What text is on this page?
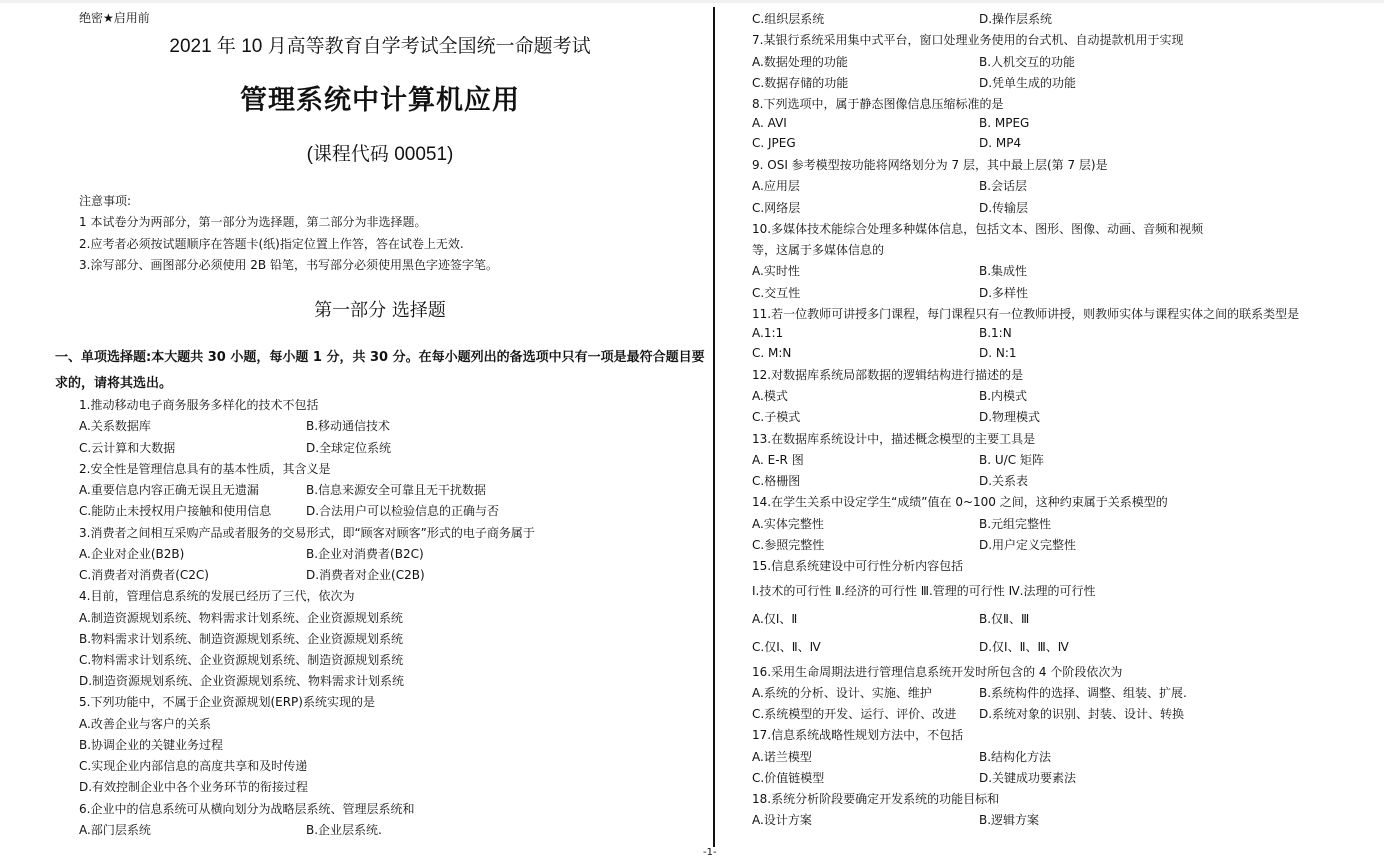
绝密★启用前
2021 年 10 月高等教育自学考试全国统一命题考试
管理系统中计算机应用
(课程代码 00051)
注意事项:
1 本试卷分为两部分，第一部分为选择题，第二部分为非选择题。
2.应考者必须按试题顺序在答题卡(纸)指定位置上作答，答在试卷上无效.
3.涂写部分、画图部分必须使用 2B 铅笔，书写部分必须使用黑色字迹签字笔。
第一部分 选择题
一、单项选择题:本大题共 30 小题，每小题 1 分，共 30 分。在每小题列出的备选项中只有一项是最符合题目要求的，请将其选出。
1.推动移动电子商务服务多样化的技术不包括
A.关系数据库	B.移动通信技术
C.云计算和大数据	D.全球定位系统
2.安全性是管理信息具有的基本性质，其含义是
A.重要信息内容正确无误且无遗漏	B.信息来源安全可靠且无干扰数据
C.能防止未授权用户接触和使用信息	D.合法用户可以检验信息的正确与否
3.消费者之间相互采购产品或者服务的交易形式，即“顾客对顾客”形式的电子商务属于
A.企业对企业(B2B)	B.企业对消费者(B2C)
C.消费者对消费者(C2C)	D.消费者对企业(C2B)
4.目前，管理信息系统的发展已经历了三代，依次为
A.制造资源规划系统、物料需求计划系统、企业资源规划系统
B.物料需求计划系统、制造资源规划系统、企业资源规划系统
C.物料需求计划系统、企业资源规划系统、制造资源规划系统
D.制造资源规划系统、企业资源规划系统、物料需求计划系统
5.下列功能中，不属于企业资源规划(ERP)系统实现的是
A.改善企业与客户的关系
B.协调企业的关键业务过程
C.实现企业内部信息的高度共享和及时传递
D.有效控制企业中各个业务环节的衔接过程
6.企业中的信息系统可从横向划分为战略层系统、管理层系统和
A.部门层系统	B.企业层系统.
C.组织层系统	D.操作层系统
7.某银行系统采用集中式平台，窗口处理业务使用的台式机、自动提款机用于实现
A.数据处理的功能	B.人机交互的功能
C.数据存储的功能	D.凭单生成的功能
8.下列选项中，属于静态图像信息压缩标准的是
A. AVI	B. MPEG
C. JPEG	D. MP4
9. OSI 参考模型按功能将网络划分为 7 层，其中最上层(第 7 层)是
A.应用层	B.会话层
C.网络层	D.传输层
10.多媒体技术能综合处理多种媒体信息，包括文本、图形、图像、动画、音频和视频
等，这属于多媒体信息的
A.实时性	B.集成性
C.交互性	D.多样性
11.若一位教师可讲授多门课程，每门课程只有一位教师讲授，则教师实体与课程实体之间的联系类型是
A.1:1	B.1:N
C. M:N	D. N:1
12.对数据库系统局部数据的逻辑结构进行描述的是
A.模式	B.内模式
C.子模式	D.物理模式
13.在数据库系统设计中，描述概念模型的主要工具是
A. E-R 图	B. U/C 矩阵
C.格栅图	D.关系表
14.在学生关系中设定学生“成绩”值在 0~100 之间，这种约束属于关系模型的
A.实体完整性	B.元组完整性
C.参照完整性	D.用户定义完整性
15.信息系统建设中可行性分析内容包括
Ⅰ.技术的可行性 Ⅱ.经济的可行性 Ⅲ.管理的可行性 Ⅳ.法理的可行性
A.仅Ⅰ、Ⅱ	B.仅Ⅱ、Ⅲ
C.仅Ⅰ、Ⅱ、Ⅳ	D.仅Ⅰ、Ⅱ、Ⅲ、Ⅳ
16.采用生命周期法进行管理信息系统开发时所包含的 4 个阶段依次为
A.系统的分析、设计、实施、维护	B.系统构件的选择、调整、组装、扩展.
C.系统模型的开发、运行、评价、改进 D.系统对象的识别、封装、设计、转换
17.信息系统战略性规划方法中，不包括
A.诺兰模型	B.结构化方法
C.价值链模型	D.关键成功要素法
18.系统分析阶段要确定开发系统的功能目标和
A.设计方案	B.逻辑方案
-1-
